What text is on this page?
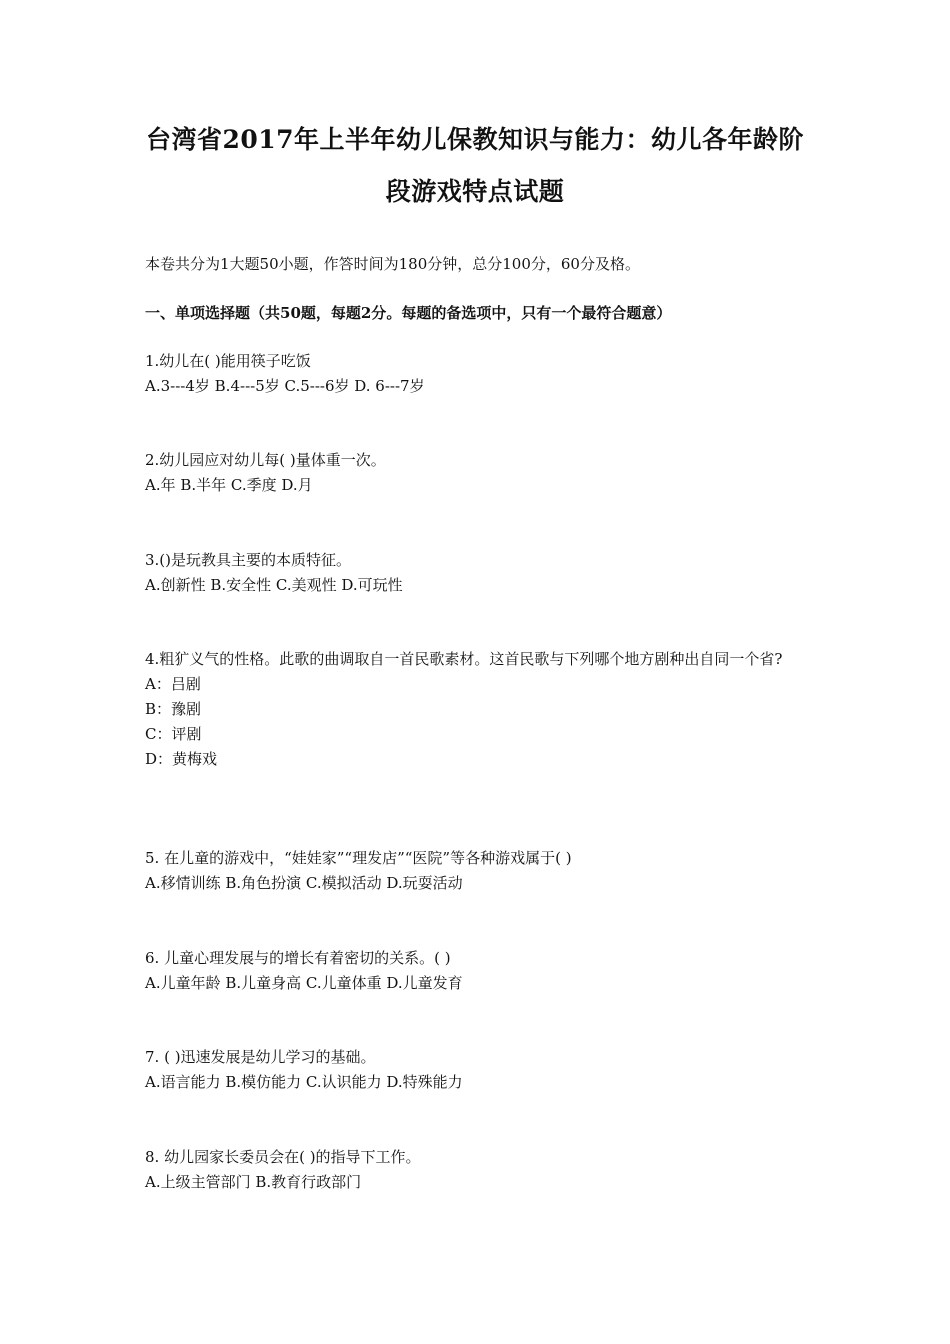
台湾省2017年上半年幼儿保教知识与能力：幼儿各年龄阶
段游戏特点试题
本卷共分为1大题50小题，作答时间为180分钟，总分100分，60分及格。
一、单项选择题（共50题，每题2分。每题的备选项中，只有一个最符合题意）
1.幼儿在( )能用筷子吃饭
A.3---4岁 B.4---5岁 C.5---6岁 D. 6---7岁
2.幼儿园应对幼儿每( )量体重一次。
A.年 B.半年 C.季度 D.月
3.()是玩教具主要的本质特征。
A.创新性 B.安全性 C.美观性 D.可玩性
4.粗犷义气的性格。此歌的曲调取自一首民歌素材。这首民歌与下列哪个地方剧种出自同一个省?
A：吕剧
B：豫剧
C：评剧
D：黄梅戏
5. 在儿童的游戏中，“娃娃家”“理发店”“医院”等各种游戏属于( )
A.移情训练 B.角色扮演 C.模拟活动 D.玩耍活动
6. 儿童心理发展与的增长有着密切的关系。( )
A.儿童年龄 B.儿童身高 C.儿童体重 D.儿童发育
7. ( )迅速发展是幼儿学习的基础。
A.语言能力 B.模仿能力 C.认识能力 D.特殊能力
8. 幼儿园家长委员会在( )的指导下工作。
A.上级主管部门 B.教育行政部门
